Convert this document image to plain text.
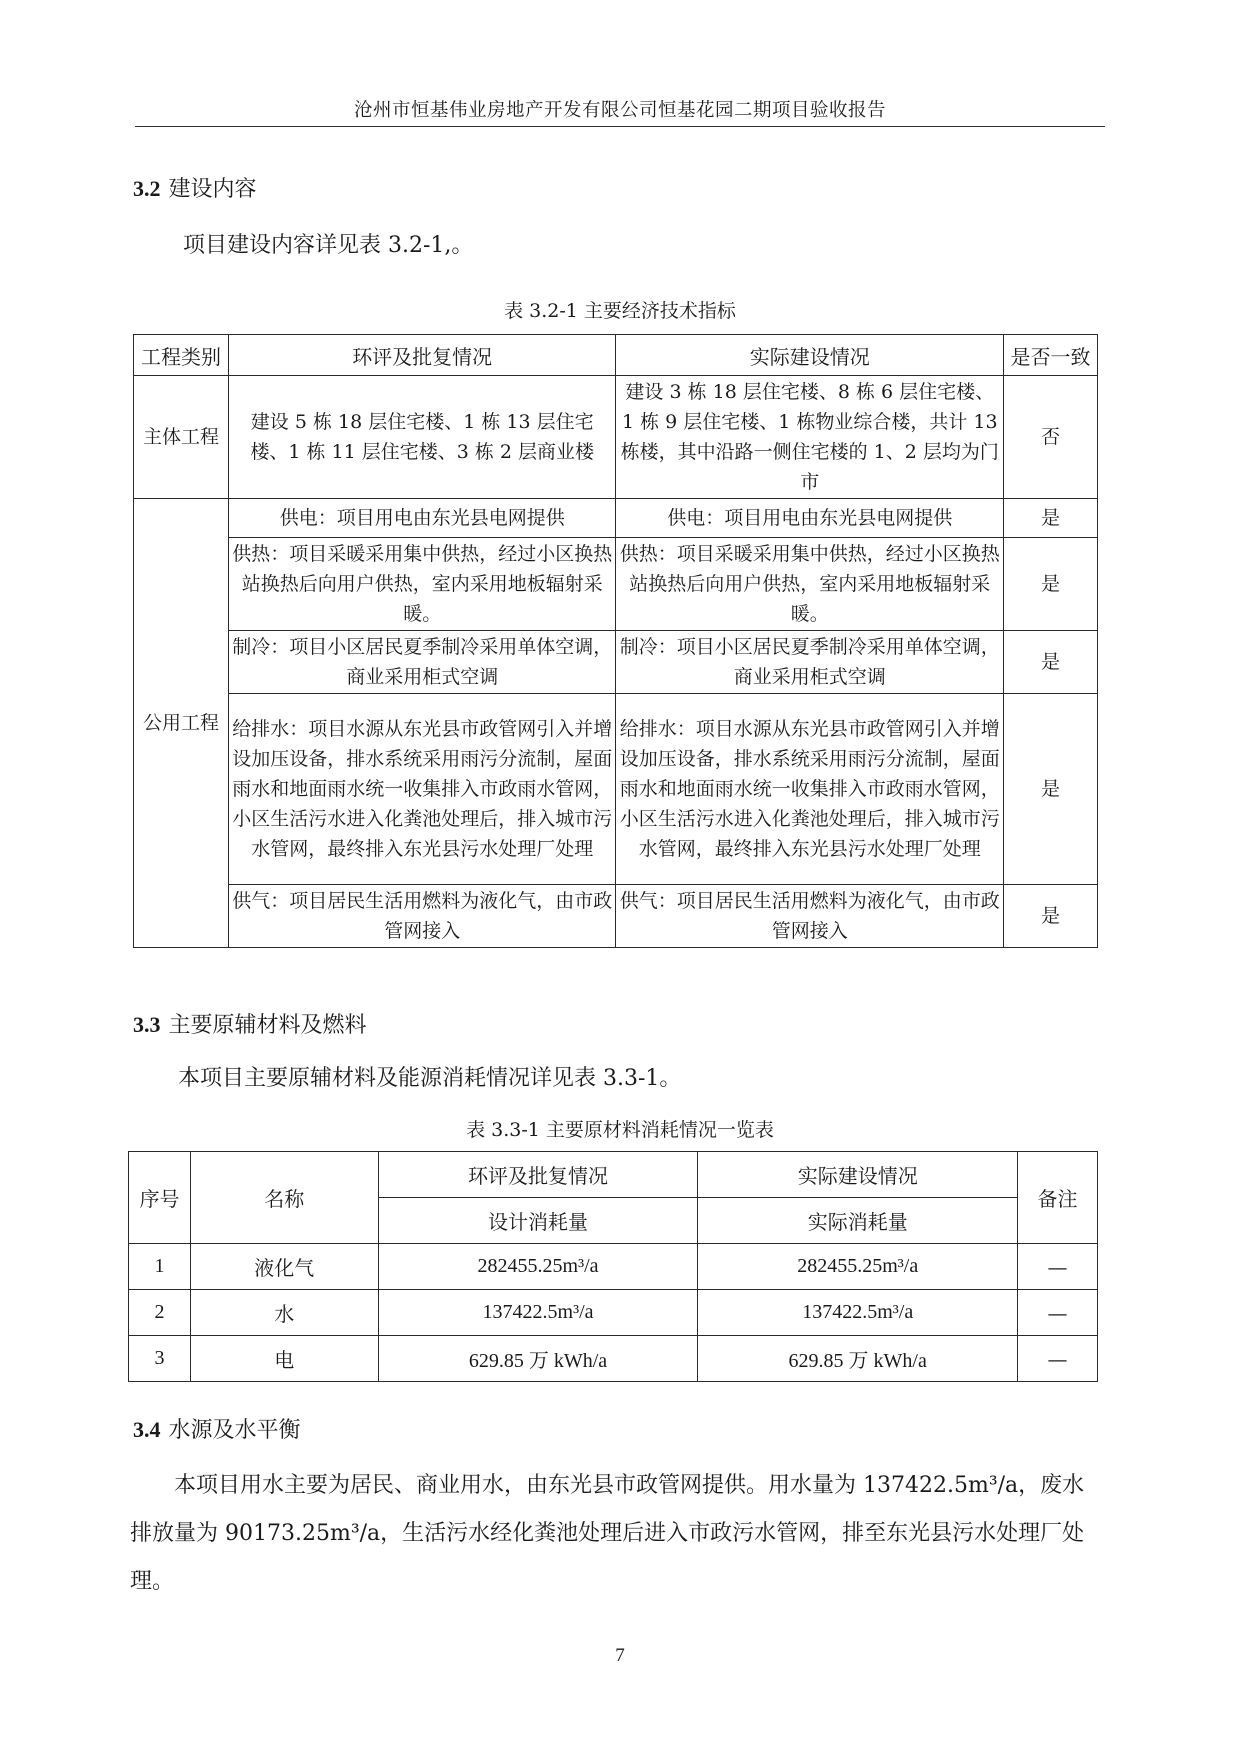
沧州市恒基伟业房地产开发有限公司恒基花园二期项目验收报告
3.2 建设内容

项目建设内容详见表 3.2-1,。

表 3.2-1 主要经济技术指标
工程类别	环评及批复情况	实际建设情况	是否一致
主体工程	建设 5 栋 18 层住宅楼、1 栋 13 层住宅楼、1 栋 11 层住宅楼、3 栋 2 层商业楼	建设 3 栋 18 层住宅楼、8 栋 6 层住宅楼、1 栋 9 层住宅楼、1 栋物业综合楼，共计 13 栋楼，其中沿路一侧住宅楼的 1、2 层均为门市	否
公用工程	供电：项目用电由东光县电网提供	供电：项目用电由东光县电网提供	是
	供热：项目采暖采用集中供热，经过小区换热站换热后向用户供热，室内采用地板辐射采暖。	供热：项目采暖采用集中供热，经过小区换热站换热后向用户供热，室内采用地板辐射采暖。	是
	制冷：项目小区居民夏季制冷采用单体空调，商业采用柜式空调	制冷：项目小区居民夏季制冷采用单体空调，商业采用柜式空调	是
	给排水：项目水源从东光县市政管网引入并增设加压设备，排水系统采用雨污分流制，屋面雨水和地面雨水统一收集排入市政雨水管网，小区生活污水进入化粪池处理后，排入城市污水管网，最终排入东光县污水处理厂处理	给排水：项目水源从东光县市政管网引入并增设加压设备，排水系统采用雨污分流制，屋面雨水和地面雨水统一收集排入市政雨水管网，小区生活污水进入化粪池处理后，排入城市污水管网，最终排入东光县污水处理厂处理	是
	供气：项目居民生活用燃料为液化气，由市政管网接入	供气：项目居民生活用燃料为液化气，由市政管网接入	是
3.3 主要原辅材料及燃料

本项目主要原辅材料及能源消耗情况详见表 3.3-1。

表 3.3-1 主要原材料消耗情况一览表
序号	名称	环评及批复情况	实际建设情况	备注
		设计消耗量	实际消耗量	
1	液化气	282455.25m³/a	282455.25m³/a	—
2	水	137422.5m³/a	137422.5m³/a	—
3	电	629.85 万 kWh/a	629.85 万 kWh/a	—
3.4 水源及水平衡

本项目用水主要为居民、商业用水，由东光县市政管网提供。用水量为 137422.5m³/a，废水排放量为 90173.25m³/a，生活污水经化粪池处理后进入市政污水管网，排至东光县污水处理厂处理。

7
